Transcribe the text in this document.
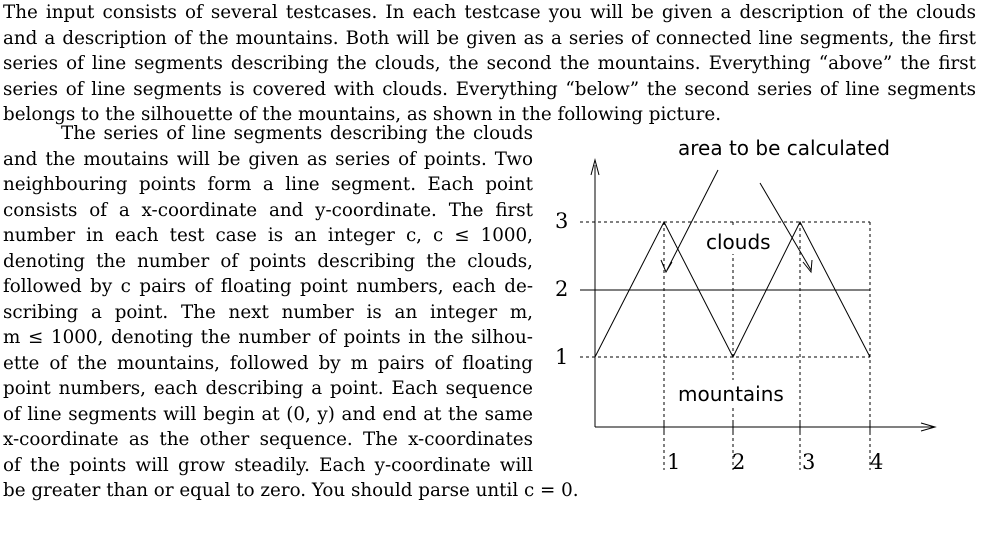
The input consists of several testcases. In each testcase you will be given a description of the clouds
and a description of the mountains. Both will be given as a series of connected line segments, the first
series of line segments describing the clouds, the second the mountains. Everything “above” the first
series of line segments is covered with clouds. Everything “below” the second series of line segments
belongs to the silhouette of the mountains, as shown in the following picture.
The series of line segments describing the clouds
and the moutains will be given as series of points. Two
neighbouring points form a line segment. Each point
consists of a x-coordinate and y-coordinate. The first
number in each test case is an integer c, c ≤ 1000,
denoting the number of points describing the clouds,
followed by c pairs of floating point numbers, each de-
scribing a point. The next number is an integer m,
m ≤ 1000, denoting the number of points in the silhou-
ette of the mountains, followed by m pairs of floating
point numbers, each describing a point. Each sequence
of line segments will begin at (0, y) and end at the same
x-coordinate as the other sequence. The x-coordinates
of the points will grow steadily. Each y-coordinate will
be greater than or equal to zero. You should parse until c = 0.
area to be calculated
clouds
mountains
1
2
3
1 2	3	4
